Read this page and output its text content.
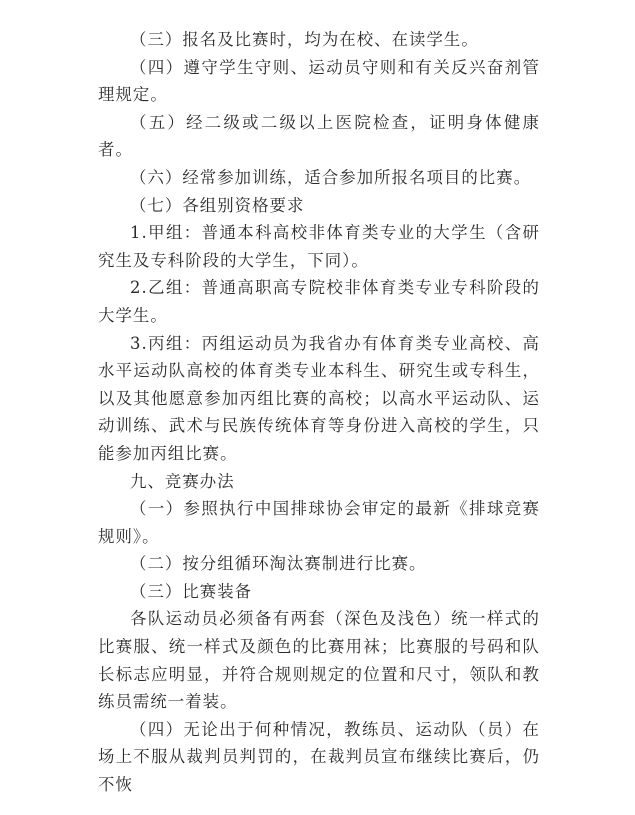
（三）报名及比赛时，均为在校、在读学生。

（四）遵守学生守则、运动员守则和有关反兴奋剂管理规定。

（五）经二级或二级以上医院检查，证明身体健康者。

（六）经常参加训练，适合参加所报名项目的比赛。

（七）各组别资格要求

1.甲组：普通本科高校非体育类专业的大学生（含研究生及专科阶段的大学生，下同）。

2.乙组：普通高职高专院校非体育类专业专科阶段的大学生。

3.丙组：丙组运动员为我省办有体育类专业高校、高水平运动队高校的体育类专业本科生、研究生或专科生，以及其他愿意参加丙组比赛的高校；以高水平运动队、运动训练、武术与民族传统体育等身份进入高校的学生，只能参加丙组比赛。

九、竞赛办法

（一）参照执行中国排球协会审定的最新《排球竞赛规则》。

（二）按分组循环淘汰赛制进行比赛。

（三）比赛装备

各队运动员必须备有两套（深色及浅色）统一样式的比赛服、统一样式及颜色的比赛用袜；比赛服的号码和队长标志应明显，并符合规则规定的位置和尺寸，领队和教练员需统一着装。

（四）无论出于何种情况，教练员、运动队（员）在场上不服从裁判员判罚的，在裁判员宣布继续比赛后，仍不恢
